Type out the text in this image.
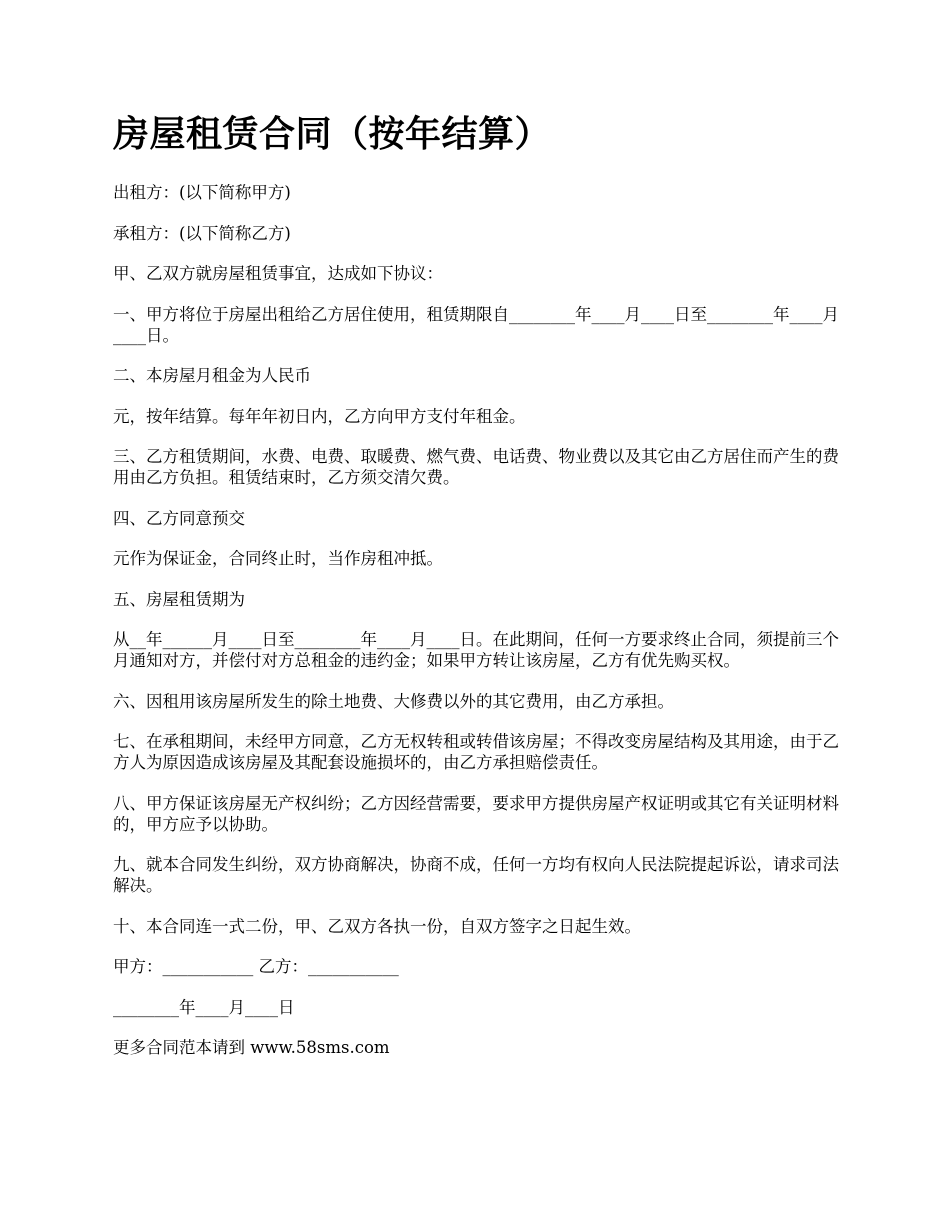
房屋租赁合同（按年结算）

出租方：(以下简称甲方)

承租方：(以下简称乙方)

甲、乙双方就房屋租赁事宜，达成如下协议：

一、甲方将位于房屋出租给乙方居住使用，租赁期限自________年____月____日至________年____月____日。

二、本房屋月租金为人民币

元，按年结算。每年年初日内，乙方向甲方支付年租金。

三、乙方租赁期间，水费、电费、取暖费、燃气费、电话费、物业费以及其它由乙方居住而产生的费用由乙方负担。租赁结束时，乙方须交清欠费。

四、乙方同意预交

元作为保证金，合同终止时，当作房租冲抵。

五、房屋租赁期为

从__年______月____日至________年____月____日。在此期间，任何一方要求终止合同，须提前三个月通知对方，并偿付对方总租金的违约金；如果甲方转让该房屋，乙方有优先购买权。

六、因租用该房屋所发生的除土地费、大修费以外的其它费用，由乙方承担。

七、在承租期间，未经甲方同意，乙方无权转租或转借该房屋；不得改变房屋结构及其用途，由于乙方人为原因造成该房屋及其配套设施损坏的，由乙方承担赔偿责任。

八、甲方保证该房屋无产权纠纷；乙方因经营需要，要求甲方提供房屋产权证明或其它有关证明材料的，甲方应予以协助。

九、就本合同发生纠纷，双方协商解决，协商不成，任何一方均有权向人民法院提起诉讼，请求司法解决。

十、本合同连一式二份，甲、乙双方各执一份，自双方签字之日起生效。

甲方：___________ 乙方：___________

________年____月____日

更多合同范本请到 www.58sms.com
